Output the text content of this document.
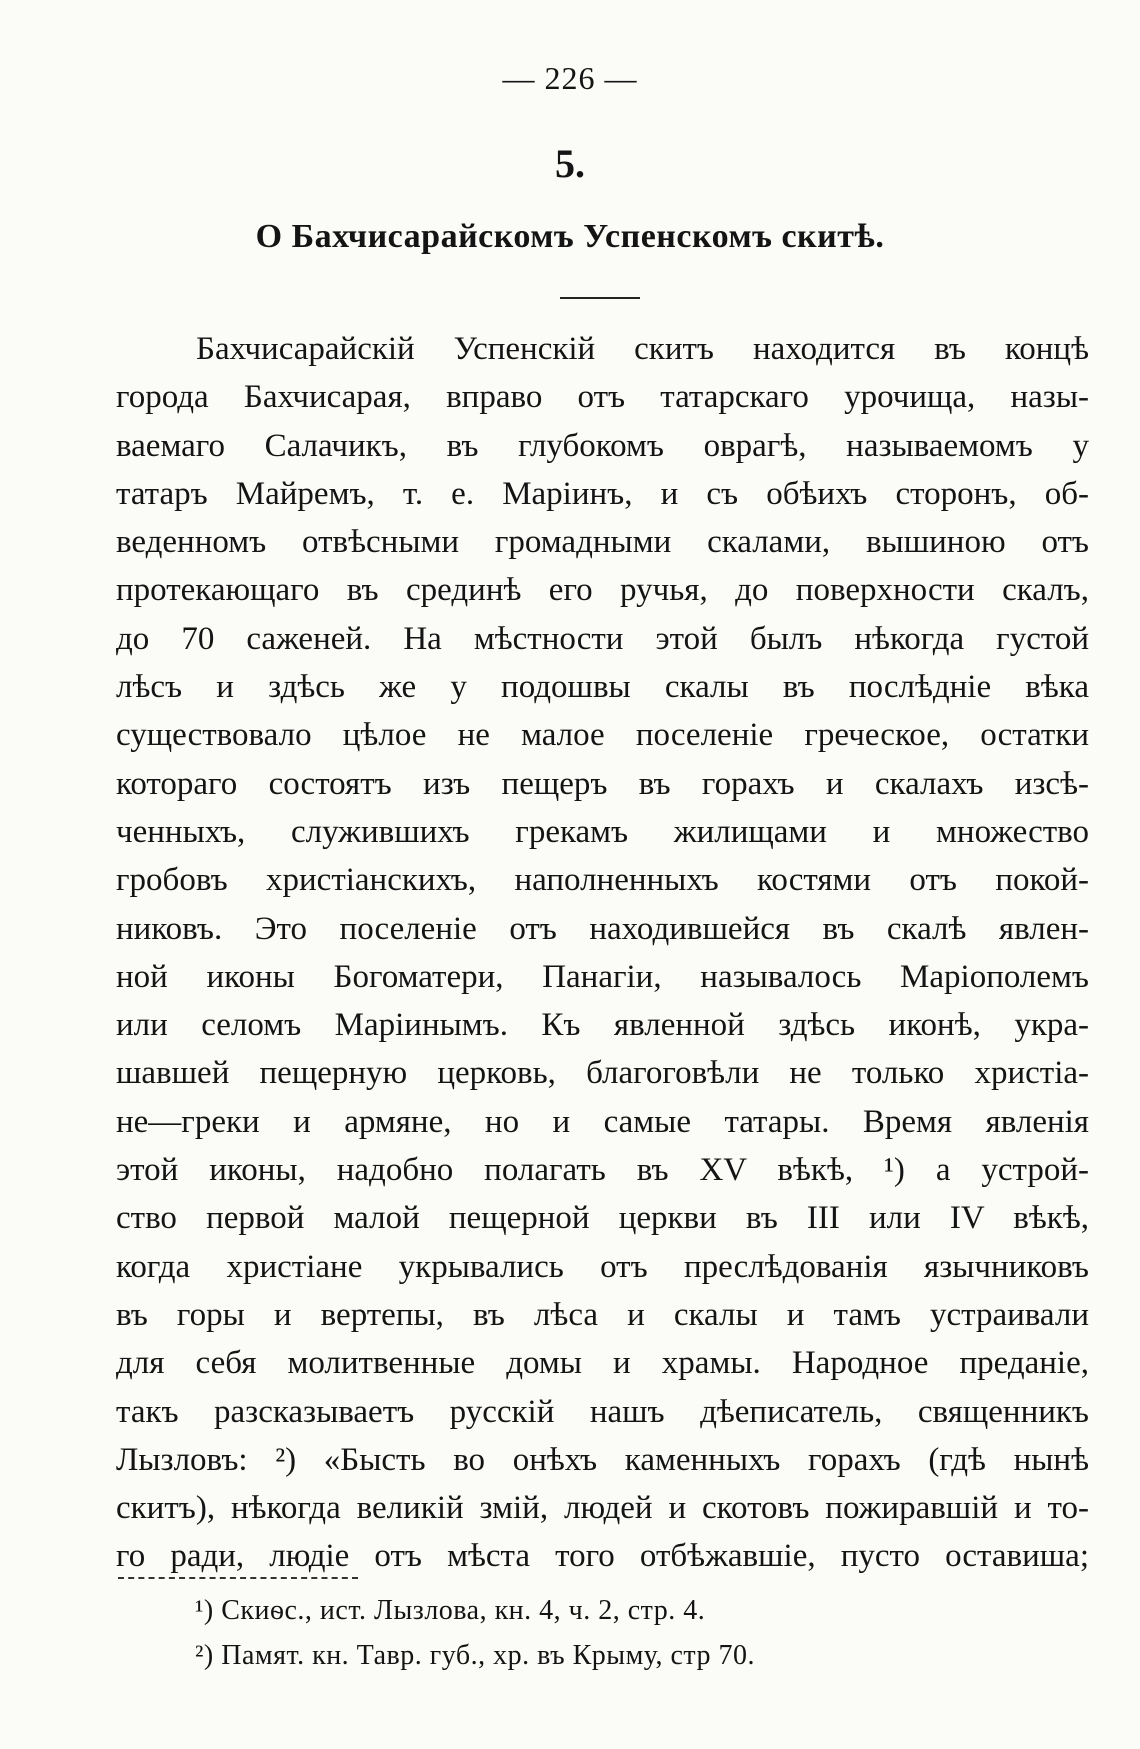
— 226 —
5.
О Бахчисарайскомъ Успенскомъ скитѣ.
Бахчисарайскій Успенскій скитъ находится въ концѣ
города Бахчисарая, вправо отъ татарскаго урочища, назы-
ваемаго Салачикъ, въ глубокомъ оврагѣ, называемомъ у
татаръ Майремъ, т. е. Маріинъ, и съ обѣихъ сторонъ, об-
веденномъ отвѣсными громадными скалами, вышиною отъ
протекающаго въ срединѣ его ручья, до поверхности скалъ,
до 70 саженей. На мѣстности этой былъ нѣкогда густой
лѣсъ и здѣсь же у подошвы скалы въ послѣдніе вѣка
существовало цѣлое не малое поселеніе греческое, остатки
котораго состоятъ изъ пещеръ въ горахъ и скалахъ изсѣ-
ченныхъ, служившихъ грекамъ жилищами и множество
гробовъ христіанскихъ, наполненныхъ костями отъ покой-
никовъ. Это поселеніе отъ находившейся въ скалѣ явлен-
ной иконы Богоматери, Панагіи, называлось Маріополемъ
или селомъ Маріинымъ. Къ явленной здѣсь иконѣ, укра-
шавшей пещерную церковь, благоговѣли не только христіа-
не—греки и армяне, но и самые татары. Время явленія
этой иконы, надобно полагать въ XV вѣкѣ, ¹) а устрой-
ство первой малой пещерной церкви въ III или IV вѣкѣ,
когда христіане укрывались отъ преслѣдованія язычниковъ
въ горы и вертепы, въ лѣса и скалы и тамъ устраивали
для себя молитвенные домы и храмы. Народное преданіе,
такъ разсказываетъ русскій нашъ дѣеписатель, священникъ
Лызловъ: ²) «Бысть во онѣхъ каменныхъ горахъ (гдѣ нынѣ
скитъ), нѣкогда великій змій, людей и скотовъ пожиравшій и то-
го ради, людіе отъ мѣста того отбѣжавшіе, пусто оставиша;
¹) Скиѳс., ист. Лызлова, кн. 4, ч. 2, стр. 4.
²) Памят. кн. Тавр. губ., хр. въ Крыму, стр 70.
